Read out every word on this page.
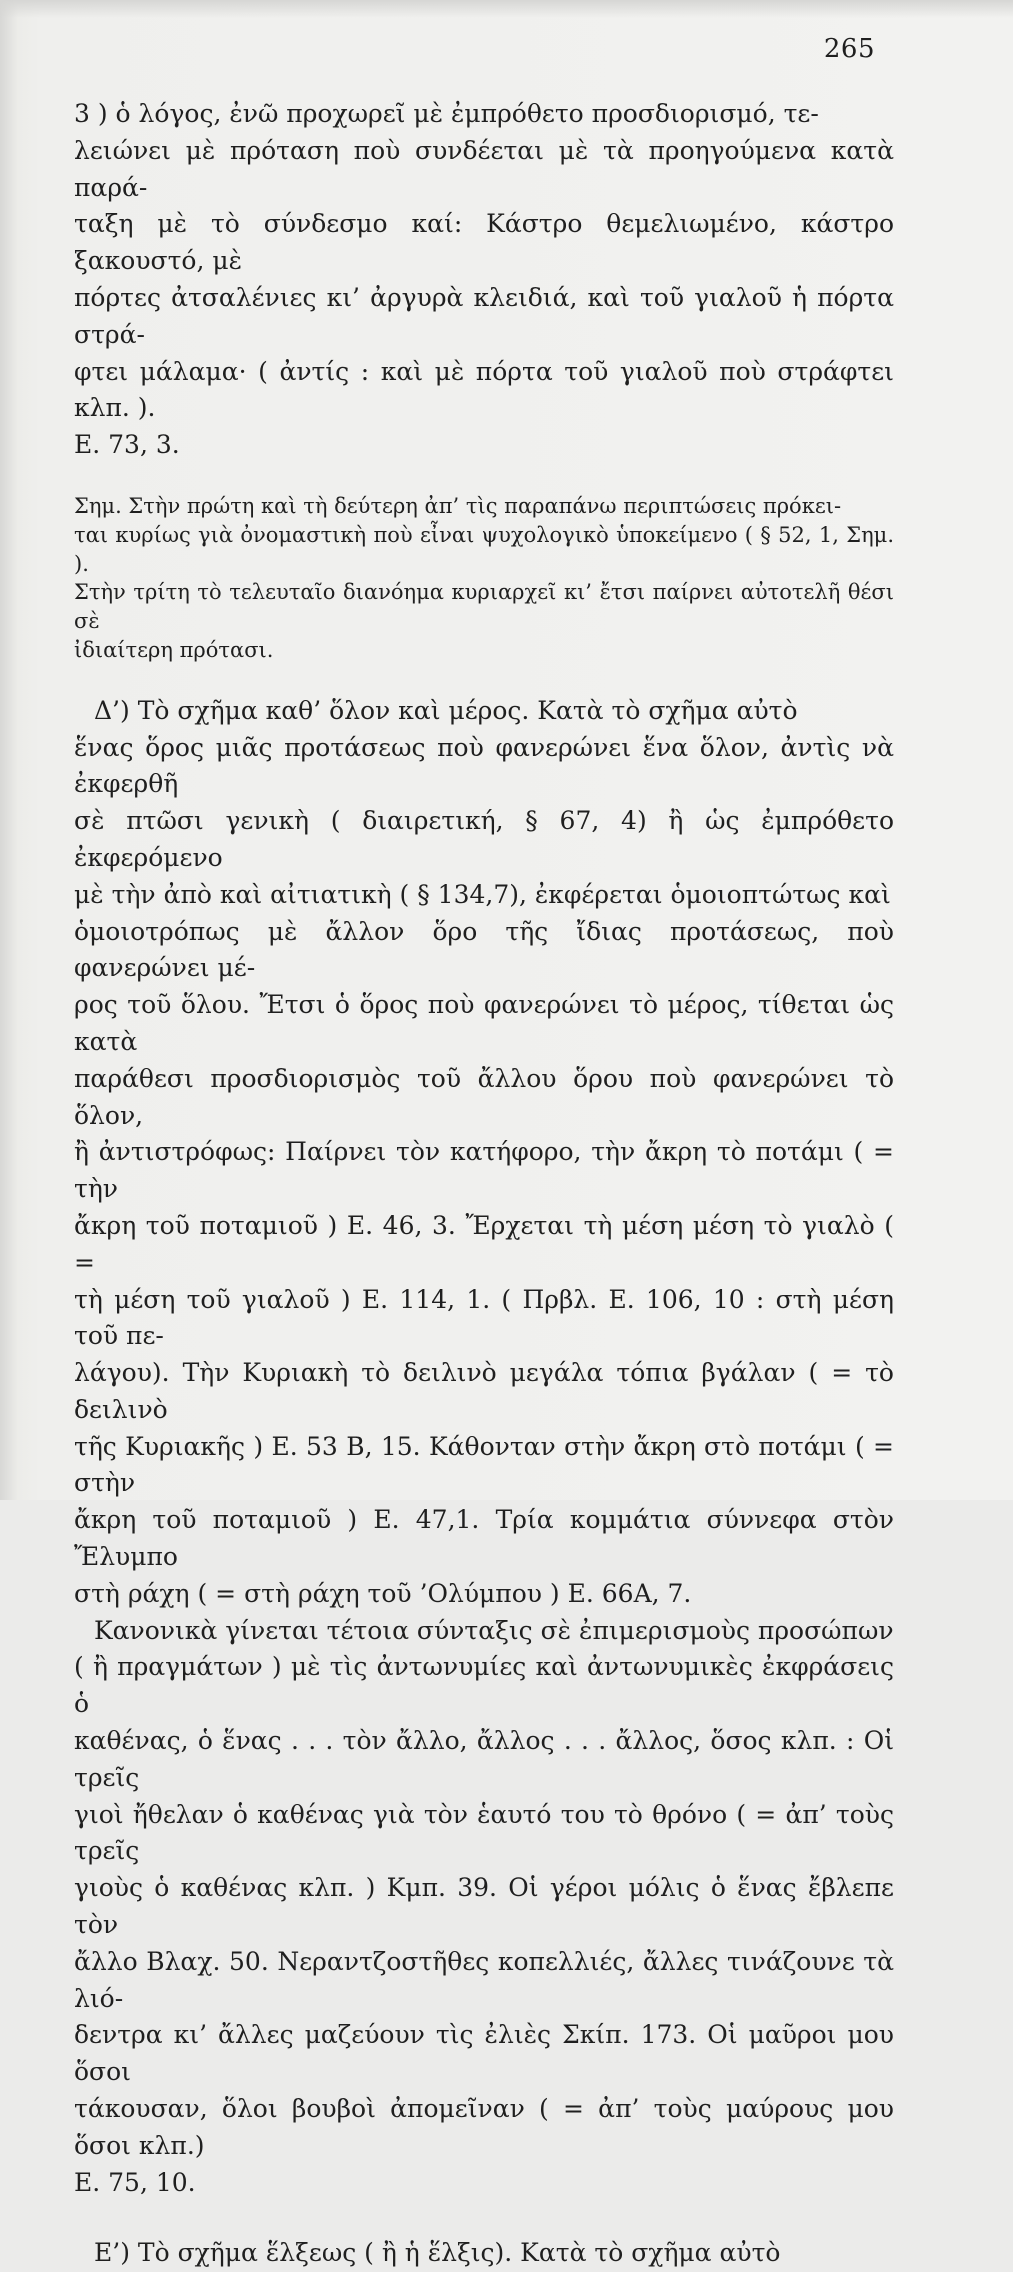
265

3 ) ὁ λόγος, ἐνῶ προχωρεῖ μὲ ἐμπρόθετο προσδιορισμό, τε-

λειώνει μὲ πρόταση ποὺ συνδέεται μὲ τὰ προηγούμενα κατὰ παρά-

ταξη μὲ τὸ σύνδεσμο καί: Κάστρο θεμελιωμένο, κάστρο ξακουστό, μὲ

πόρτες ἀτσαλένιες κι’ ἀργυρὰ κλειδιά, καὶ τοῦ γιαλοῦ ἡ πόρτα στρά-

φτει μάλαμα· ( ἀντίς : καὶ μὲ πόρτα τοῦ γιαλοῦ ποὺ στράφτει κλπ. ).

Ε. 73, 3.

Σημ. Στὴν πρώτη καὶ τὴ δεύτερη ἀπ’ τὶς παραπάνω περιπτώσεις πρόκει-

ται κυρίως γιὰ ὀνομαστικὴ ποὺ εἶναι ψυχολογικὸ ὑποκείμενο ( § 52, 1, Σημ. ).

Στὴν τρίτη τὸ τελευταῖο διανόημα κυριαρχεῖ κι’ ἔτσι παίρνει αὐτοτελῆ θέσι σὲ

ἰδιαίτερη πρότασι.

Δ’) Τὸ σχῆμα καθ’ ὅλον καὶ μέρος. Κατὰ τὸ σχῆμα αὐτὸ

ἕνας ὅρος μιᾶς προτάσεως ποὺ φανερώνει ἕνα ὅλον, ἀντὶς νὰ ἐκφερθῆ

σὲ πτῶσι γενικὴ ( διαιρετική, § 67, 4) ἢ ὡς ἐμπρόθετο ἐκφερόμενο

μὲ τὴν ἀπὸ καὶ αἰτιατικὴ ( § 134,7), ἐκφέρεται ὁμοιοπτώτως καὶ

ὁμοιοτρόπως μὲ ἄλλον ὅρο τῆς ἴδιας προτάσεως, ποὺ φανερώνει μέ-

ρος τοῦ ὅλου. Ἔτσι ὁ ὅρος ποὺ φανερώνει τὸ μέρος, τίθεται ὡς κατὰ

παράθεσι προσδιορισμὸς τοῦ ἄλλου ὅρου ποὺ φανερώνει τὸ ὅλον,

ἢ ἀντιστρόφως: Παίρνει τὸν κατήφορο, τὴν ἄκρη τὸ ποτάμι ( = τὴν

ἄκρη τοῦ ποταμιοῦ ) Ε. 46, 3. Ἔρχεται τὴ μέση μέση τὸ γιαλὸ ( =

τὴ μέση τοῦ γιαλοῦ ) Ε. 114, 1. ( Πρβλ. Ε. 106, 10 : στὴ μέση τοῦ πε-

λάγου). Τὴν Κυριακὴ τὸ δειλινὸ μεγάλα τόπια βγάλαν ( = τὸ δειλινὸ

τῆς Κυριακῆς ) Ε. 53 Β, 15. Κάθονταν στὴν ἄκρη στὸ ποτάμι ( = στὴν

ἄκρη τοῦ ποταμιοῦ ) Ε. 47,1. Τρία κομμάτια σύννεφα στὸν Ἔλυμπο

στὴ ράχη ( = στὴ ράχη τοῦ ’Ολύμπου ) Ε. 66Α, 7.

Κανονικὰ γίνεται τέτοια σύνταξις σὲ ἐπιμερισμοὺς προσώπων

( ἢ πραγμάτων ) μὲ τὶς ἀντωνυμίες καὶ ἀντωνυμικὲς ἐκφράσεις ὁ

καθένας, ὁ ἕνας . . . τὸν ἄλλο, ἄλλος . . . ἄλλος, ὅσος κλπ. : Οἱ τρεῖς

γιοὶ ἤθελαν ὁ καθένας γιὰ τὸν ἑαυτό του τὸ θρόνο ( = ἀπ’ τοὺς τρεῖς

γιοὺς ὁ καθένας κλπ. ) Κμπ. 39. Οἱ γέροι μόλις ὁ ἕνας ἔβλεπε τὸν

ἄλλο Βλαχ. 50. Νεραντζοστῆθες κοπελλιές, ἄλλες τινάζουνε τὰ λιό-

δεντρα κι’ ἄλλες μαζεύουν τὶς ἐλιὲς Σκίπ. 173. Οἱ μαῦροι μου ὅσοι

τάκουσαν, ὅλοι βουβοὶ ἀπομεῖναν ( = ἀπ’ τοὺς μαύρους μου ὅσοι κλπ.)

Ε. 75, 10.

Ε’) Τὸ σχῆμα ἕλξεως ( ἢ ἡ ἕλξις). Κατὰ τὸ σχῆμα αὐτὸ
